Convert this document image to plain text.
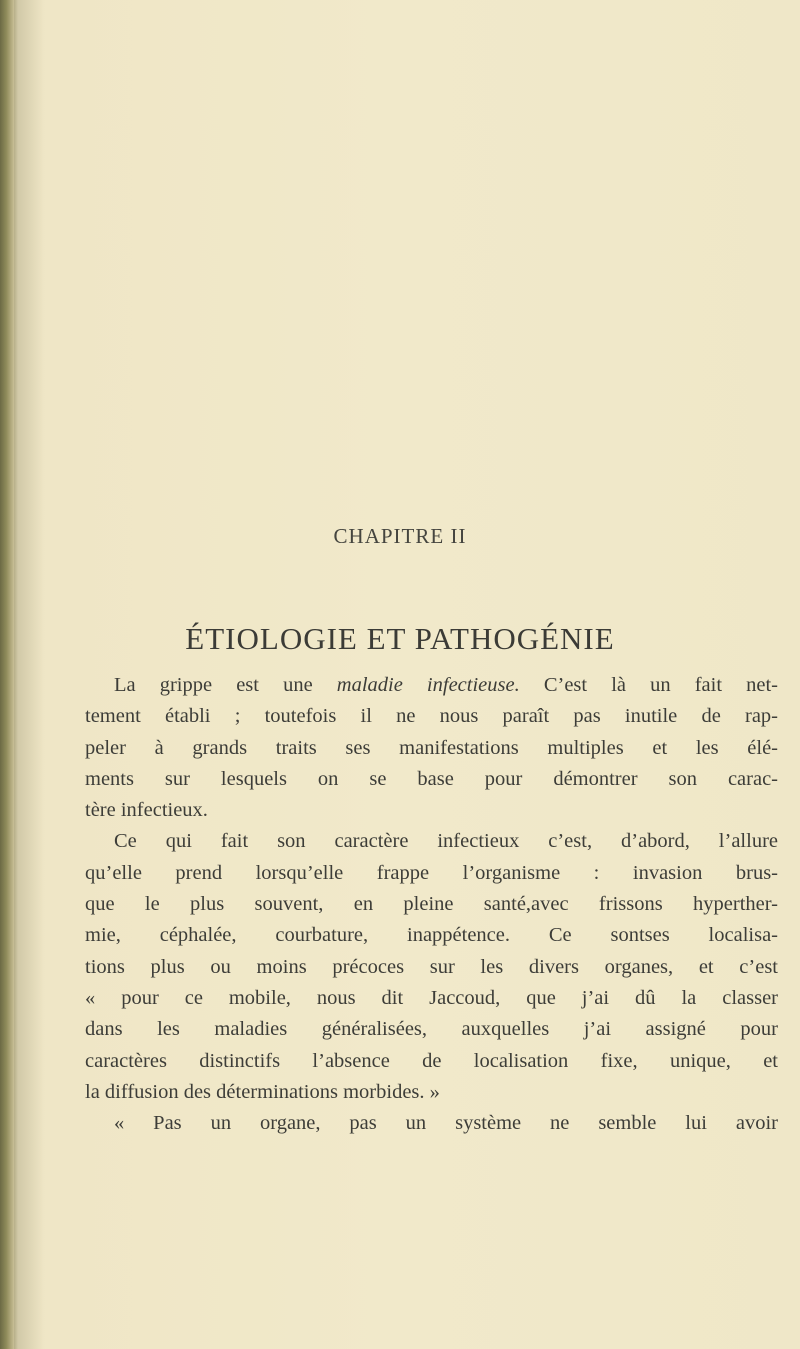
CHAPITRE II
ÉTIOLOGIE ET PATHOGÉNIE
La grippe est une maladie infectieuse. C’est là un fait net-
tement établi ; toutefois il ne nous paraît pas inutile de rap-
peler à grands traits ses manifestations multiples et les élé-
ments sur lesquels on se base pour démontrer son carac-
tère infectieux.
Ce qui fait son caractère infectieux c’est, d’abord, l’allure
qu’elle prend lorsqu’elle frappe l’organisme : invasion brus-
que le plus souvent, en pleine santé,avec frissons hyperther-
mie, céphalée, courbature, inappétence. Ce sontses localisa-
tions plus ou moins précoces sur les divers organes, et c’est
« pour ce mobile, nous dit Jaccoud, que j’ai dû la classer
dans les maladies généralisées, auxquelles j’ai assigné pour
caractères distinctifs l’absence de localisation fixe, unique, et
la diffusion des déterminations morbides. »
« Pas un organe, pas un système ne semble lui avoir
